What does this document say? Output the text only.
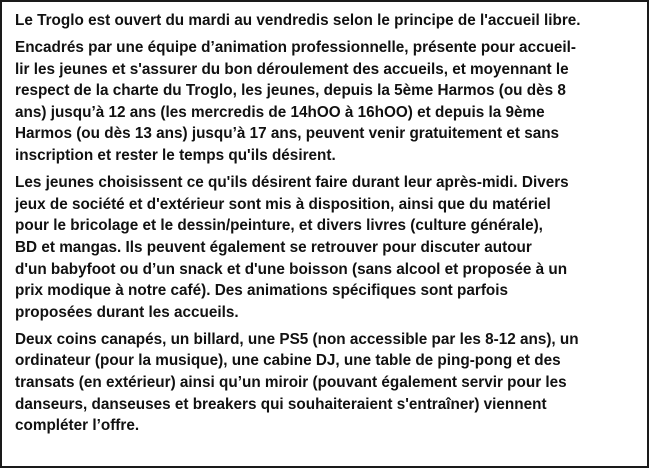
Le Troglo est ouvert du mardi au vendredis selon le principe de l'accueil libre.

Encadrés par une équipe d’animation professionnelle, présente pour accueil-
lir les jeunes et s'assurer du bon déroulement des accueils, et moyennant le
respect de la charte du Troglo, les jeunes, depuis la 5ème Harmos (ou dès 8
ans) jusqu’à 12 ans (les mercredis de 14hOO à 16hOO) et depuis la 9ème
Harmos (ou dès 13 ans) jusqu’à 17 ans, peuvent venir gratuitement et sans
inscription et rester le temps qu'ils désirent.

Les jeunes choisissent ce qu'ils désirent faire durant leur après-midi. Divers
jeux de société et d'extérieur sont mis à disposition, ainsi que du matériel
pour le bricolage et le dessin/peinture, et divers livres (culture générale),
BD et mangas. Ils peuvent également se retrouver pour discuter autour
d'un babyfoot ou d’un snack et d'une boisson (sans alcool et proposée à un
prix modique à notre café). Des animations spécifiques sont parfois
proposées durant les accueils.

Deux coins canapés, un billard, une PS5 (non accessible par les 8-12 ans), un
ordinateur (pour la musique), une cabine DJ, une table de ping-pong et des
transats (en extérieur) ainsi qu’un miroir (pouvant également servir pour les
danseurs, danseuses et breakers qui souhaiteraient s'entraîner) viennent
compléter l’offre.
